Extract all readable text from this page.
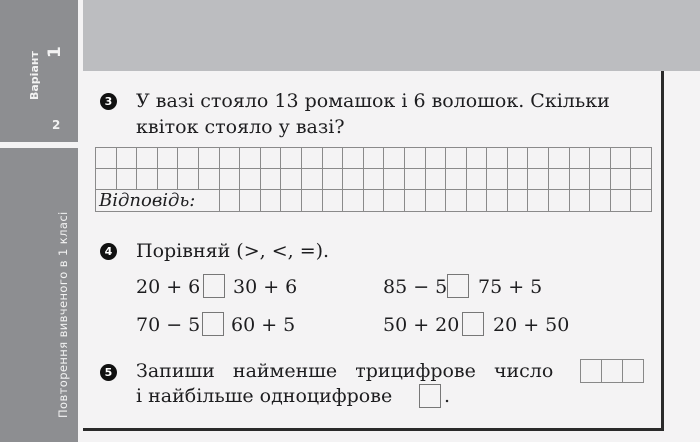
Варіант 1
2
Повторення вивченого в 1 класі
3 У вазі стояло 13 ромашок і 6 волошок. Скільки
квіток стояло у вазі?

Відповідь:																										
4 Порівняй (>, <, =).
20 + 6 30 + 6	85 − 5 75 + 5
70 − 5 60 + 5	50 + 20 20 + 50
5 Запиши  найменше  трицифрове  число
і найбільше одноцифрове	.
